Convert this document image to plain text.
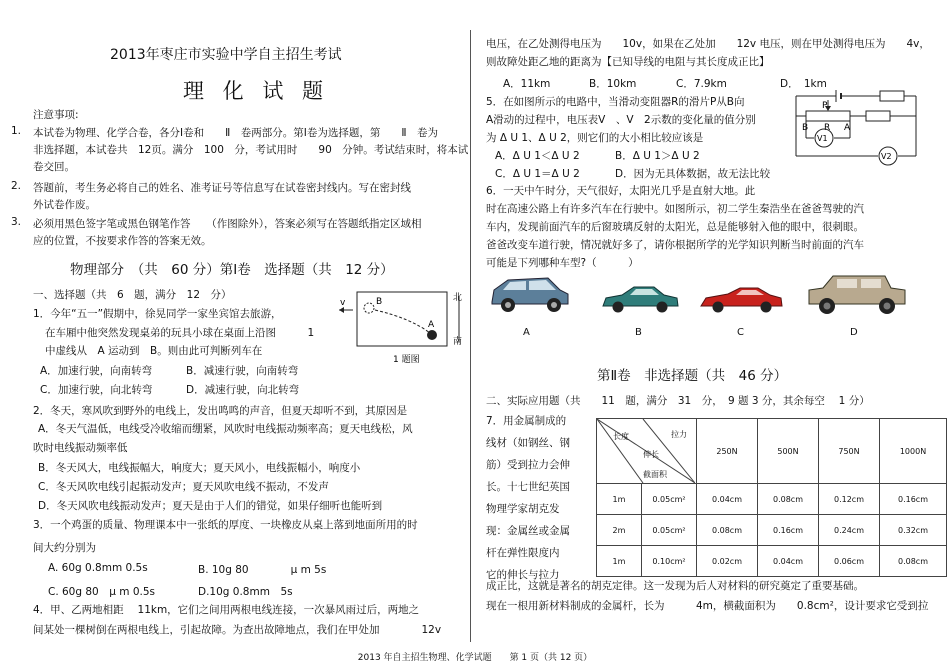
2013年枣庄市实验中学自主招生考试
理 化 试 题
注意事项:
1. 本试卷为物理、化学合卷，各分Ⅰ卷和　　Ⅱ　卷两部分。第Ⅰ卷为选择题，第　　Ⅱ　卷为
非选择题，本试卷共　12页。满分　100　分，考试用时　　90　分钟。考试结束时，将本试
卷交回。
2. 答题前，考生务必将自己的姓名、准考证号等信息写在试卷密封线内。写在密封线
外试卷作废。
3. 必须用黑色签字笔或黑色钢笔作答　　（作图除外），答案必须写在答题纸指定区域相
应的位置，不按要求作答的答案无效。
物理部分　（共　60 分）第Ⅰ卷　选择题（共　12 分）
一、选择题（共　6　题，满分　12　分）
1．今年“五一”假期中，徐晃同学一家坐宾馆去旅游，
在车厢中他突然发现桌弟的玩具小球在桌面上沿图　　　1
中虚线从　A 运动到　B。则由此可判断列车在
A．加速行驶，向南转弯	B．减速行驶，向南转弯
C．加速行驶，向北转弯	D．减速行驶，向北转弯
v	B
A
北
南
1 题图
2．冬天，寒风吹到野外的电线上，发出鸣鸣的声音，但夏天却听不到，其原因是
A．冬天气温低，电线受冷收缩而绷紧，风吹时电线振动频率高；夏天电线松，风
吹时电线振动频率低
B．冬天风大，电线振幅大，响度大；夏天风小，电线振幅小，响度小
C．冬天风吹电线引起振动发声；夏天风吹电线不振动，不发声
D．冬天风吹电线振动发声；夏天是由于人们的错觉，如果仔细听也能听到
3．一个鸡蛋的质量、物理课本中一张纸的厚度、一块橡皮从桌上落到地面所用的时
间大约分别为
A. 60g 0.8mm 0.5s	B. 10g 80　　　　μ m 5s
C. 60g 80　μ m 0.5s	D.10g 0.8mm　5s
4．甲、乙两地相距　 11km，它们之间用两根电线连接，一次暴风雨过后，两地之
间某处一棵树倒在两根电线上，引起故障。为查出故障地点，我们在甲处加　　　　12v
电压，在乙处测得电压为　　10v，如果在乙处加　　12v 电压，则在甲处测得电压为　　4v，
则故障处距乙地的距离为【已知导线的电阻与其长度成正比】
A．11km	B．10km	C．7.9km	D．　1km
5．在如图所示的电路中，当滑动变阻器R的滑片P从B向
A滑动的过程中，电压表V　、V　2示数的变化量的值分别
为 Δ U 1、Δ U 2，则它们的大小相比较应该是
A．Δ U 1＜Δ U 2	B．Δ U 1＞Δ U 2
C．Δ U 1＝Δ U 2	D．因为无具体数据，故无法比较
P
B R A
V1
V2
6．一天中午时分，天气很好，太阳光几乎是直射大地。此
时在高速公路上有许多汽车在行驶中。如图所示，初二学生秦浩坐在爸爸驾驶的汽
车内，发现前面汽车的后窗玻璃反射的太阳光，总是能够射入他的眼中，很刺眼。
爸爸改变车道行驶，情况就好多了，请你根据所学的光学知识判断当时前面的汽车
可能是下列哪种车型?（　　　）
A	B	C	D
第Ⅱ卷　非选择题（共　46 分）
二、实际应用题（共　　11　题，满分　31　分，　9 题 3 分，其余每空　 1 分）
7．用金属制成的
线材（如钢丝、钢
筋）受到拉力会伸
长。十七世纪英国
物理学家胡克发
现：金属丝或金属
杆在弹性限度内
它的伸长与拉力
长度 拉力
伸长
截面积		250N	500N	750N	1000N
1m	0.05cm²	0.04cm	0.08cm	0.12cm	0.16cm
2m	0.05cm²	0.08cm	0.16cm	0.24cm	0.32cm
1m	0.10cm²	0.02cm	0.04cm	0.06cm	0.08cm
成正比，这就是著名的胡克定律。这一发现为后人对材料的研究奠定了重要基础。
现在一根用新材料制成的金属杆，长为　　　4m，横截面积为　　0.8cm²，设计要求它受到拉
2013 年自主招生物理、化学试题　　第 1 页（共 12 页）
